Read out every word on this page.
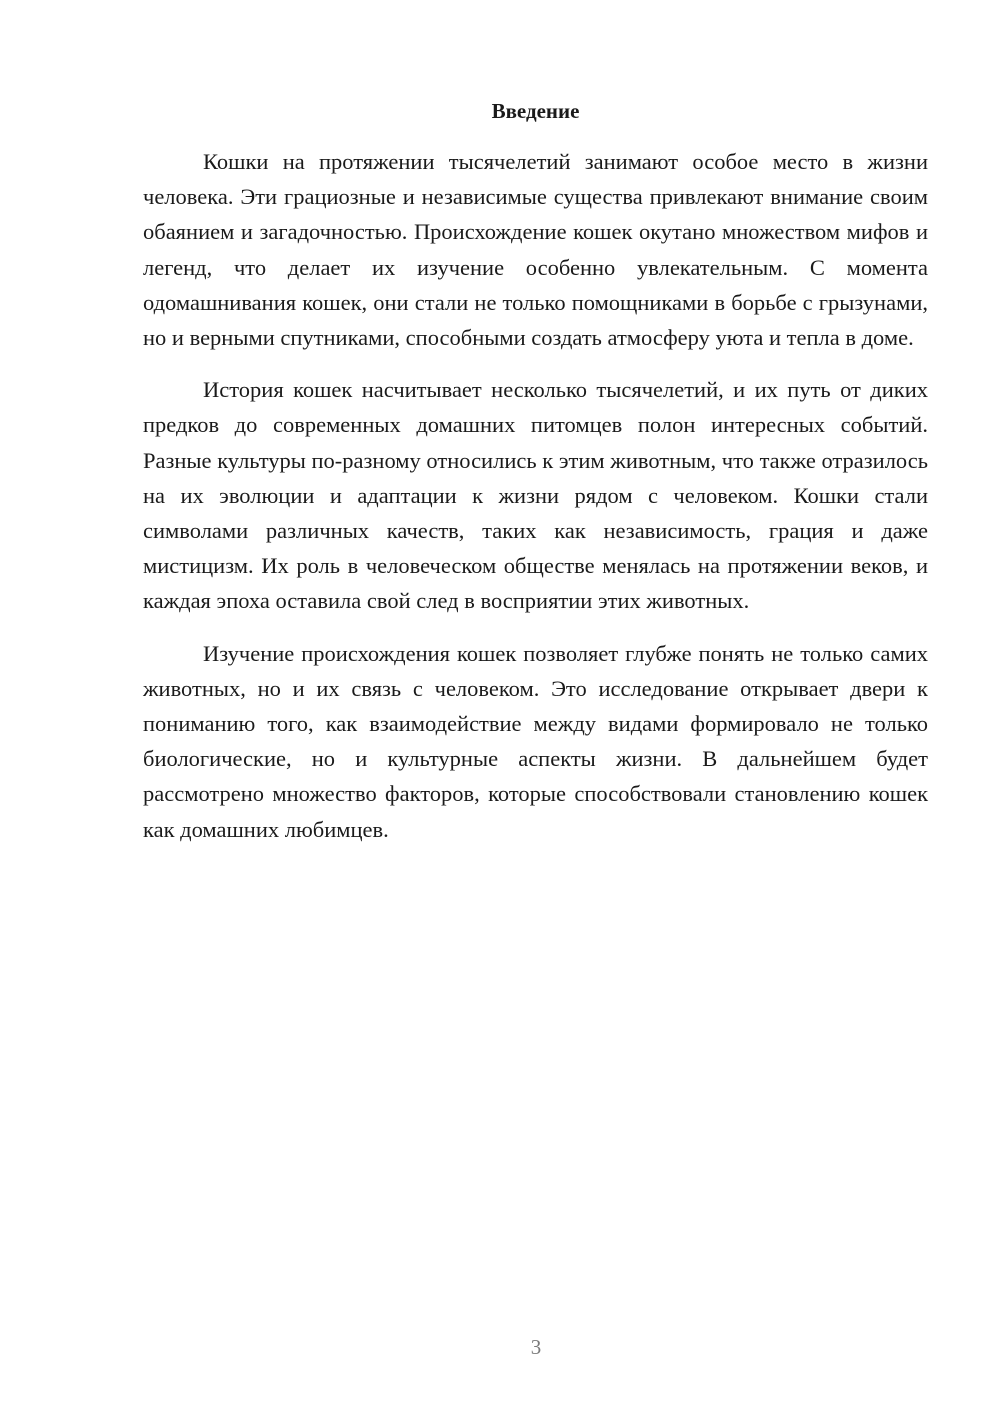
Введение

Кошки на протяжении тысячелетий занимают особое место в жизни человека. Эти грациозные и независимые существа привлекают внимание своим обаянием и загадочностью. Происхождение кошек окутано множеством мифов и легенд, что делает их изучение особенно увлекательным. С момента одомашнивания кошек, они стали не только помощниками в борьбе с грызунами, но и верными спутниками, способными создать атмосферу уюта и тепла в доме.

История кошек насчитывает несколько тысячелетий, и их путь от диких предков до современных домашних питомцев полон интересных событий. Разные культуры по-разному относились к этим животным, что также отразилось на их эволюции и адаптации к жизни рядом с человеком. Кошки стали символами различных качеств, таких как независимость, грация и даже мистицизм. Их роль в человеческом обществе менялась на протяжении веков, и каждая эпоха оставила свой след в восприятии этих животных.

Изучение происхождения кошек позволяет глубже понять не только самих животных, но и их связь с человеком. Это исследование открывает двери к пониманию того, как взаимодействие между видами формировало не только биологические, но и культурные аспекты жизни. В дальнейшем будет рассмотрено множество факторов, которые способствовали становлению кошек как домашних любимцев.

3
